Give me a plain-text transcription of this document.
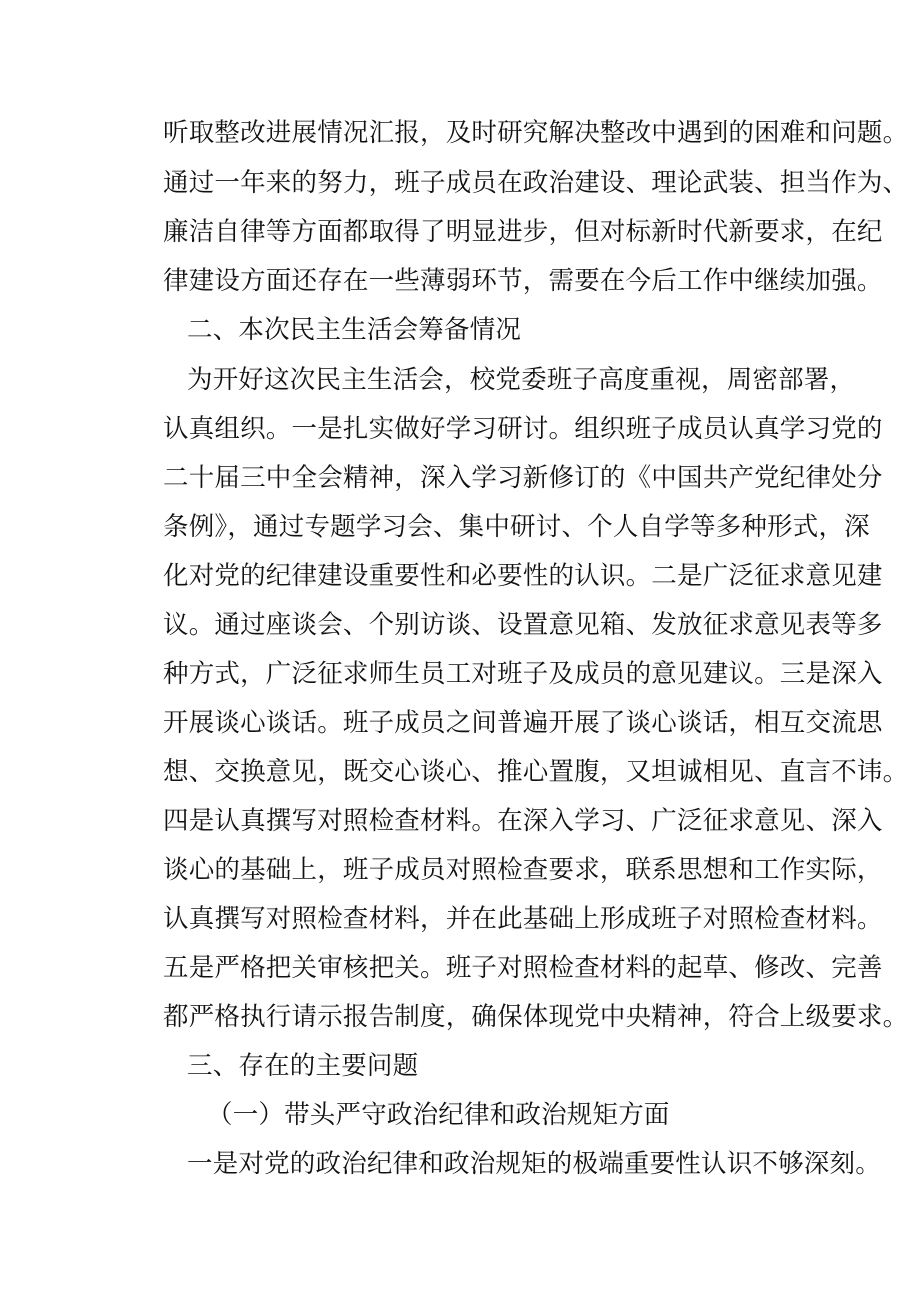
听取整改进展情况汇报，及时研究解决整改中遇到的困难和问题。
通过一年来的努力，班子成员在政治建设、理论武装、担当作为、
廉洁自律等方面都取得了明显进步，但对标新时代新要求，在纪
律建设方面还存在一些薄弱环节，需要在今后工作中继续加强。
二、本次民主生活会筹备情况
为开好这次民主生活会，校党委班子高度重视，周密部署，
认真组织。一是扎实做好学习研讨。组织班子成员认真学习党的
二十届三中全会精神，深入学习新修订的《中国共产党纪律处分
条例》，通过专题学习会、集中研讨、个人自学等多种形式，深
化对党的纪律建设重要性和必要性的认识。二是广泛征求意见建
议。通过座谈会、个别访谈、设置意见箱、发放征求意见表等多
种方式，广泛征求师生员工对班子及成员的意见建议。三是深入
开展谈心谈话。班子成员之间普遍开展了谈心谈话，相互交流思
想、交换意见，既交心谈心、推心置腹，又坦诚相见、直言不讳。
四是认真撰写对照检查材料。在深入学习、广泛征求意见、深入
谈心的基础上，班子成员对照检查要求，联系思想和工作实际，
认真撰写对照检查材料，并在此基础上形成班子对照检查材料。
五是严格把关审核把关。班子对照检查材料的起草、修改、完善
都严格执行请示报告制度，确保体现党中央精神，符合上级要求。
三、存在的主要问题
（一）带头严守政治纪律和政治规矩方面
一是对党的政治纪律和政治规矩的极端重要性认识不够深刻。
